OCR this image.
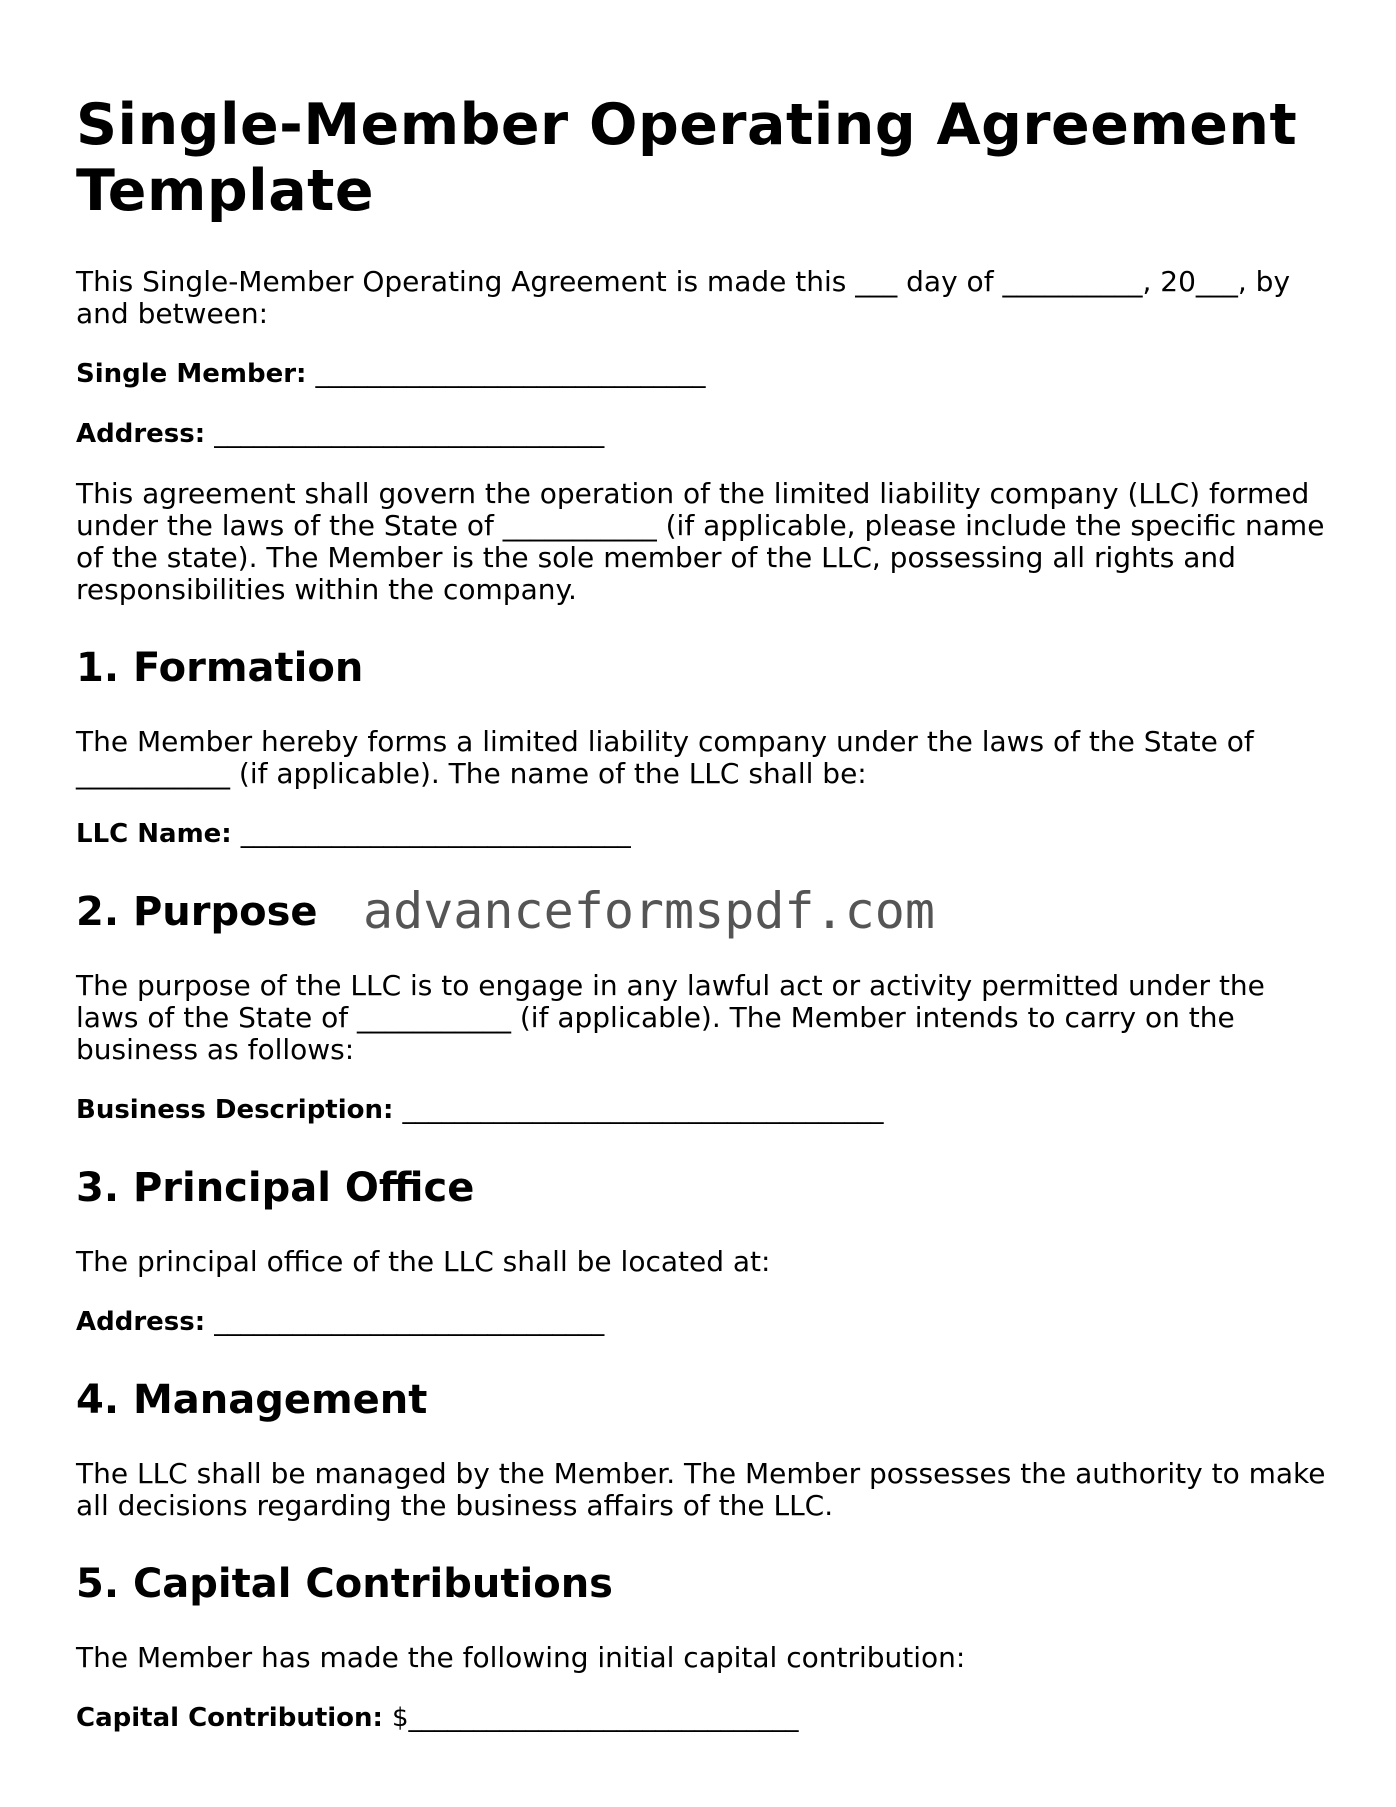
Single-Member Operating Agreement Template

This Single-Member Operating Agreement is made this ___ day of __________, 20___, by and between:

Single Member: ______________________________

Address: ______________________________

This agreement shall govern the operation of the limited liability company (LLC) formed under the laws of the State of ___________ (if applicable, please include the specific name of the state). The Member is the sole member of the LLC, possessing all rights and responsibilities within the company.

1. Formation

The Member hereby forms a limited liability company under the laws of the State of ___________ (if applicable). The name of the LLC shall be:

LLC Name: ______________________________

2. Purpose advanceformspdf.com

The purpose of the LLC is to engage in any lawful act or activity permitted under the laws of the State of ___________ (if applicable). The Member intends to carry on the business as follows:

Business Description: _____________________________________

3. Principal Office

The principal office of the LLC shall be located at:

Address: ______________________________

4. Management

The LLC shall be managed by the Member. The Member possesses the authority to make all decisions regarding the business affairs of the LLC.

5. Capital Contributions

The Member has made the following initial capital contribution:

Capital Contribution: $______________________________
